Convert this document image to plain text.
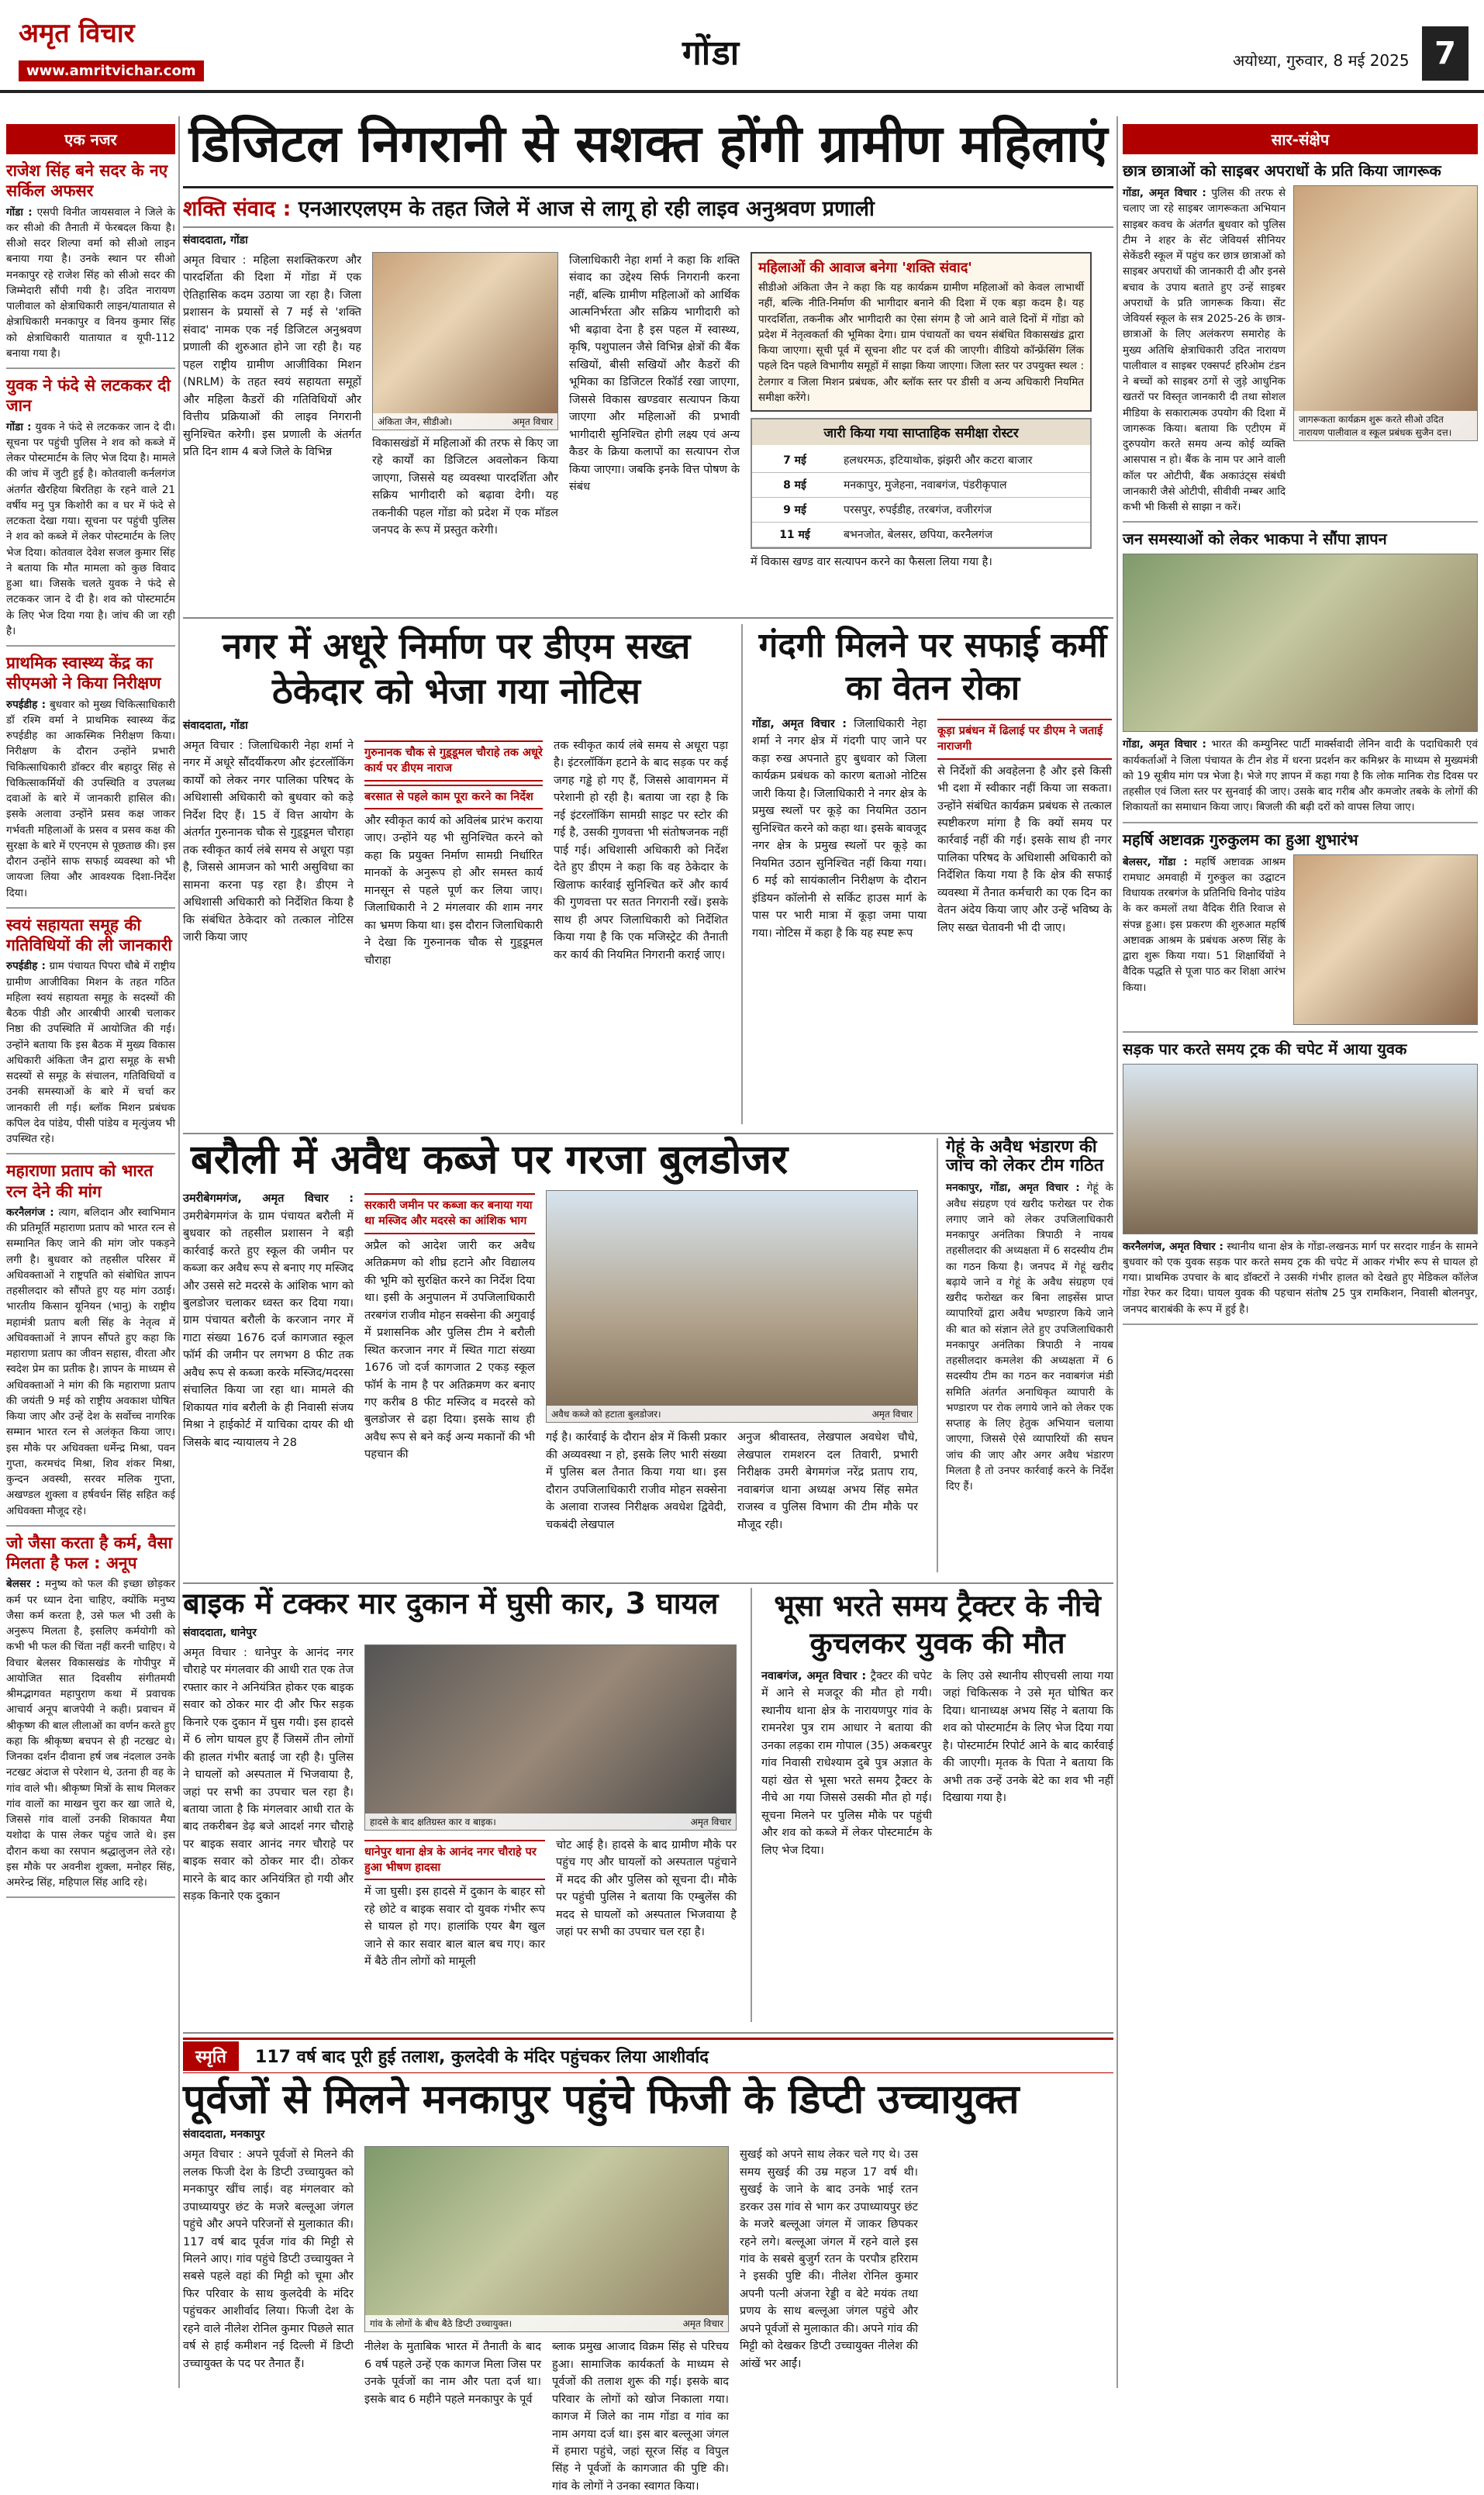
अमृत विचार
www.amritvichar.com	गोंडा	अयोध्या, गुरुवार, 8 मई 2025 7
एक नजर
राजेश सिंह बने सदर के नए सर्किल अफसर

गोंडा : एसपी विनीत जायसवाल ने जिले के कर सीओ की तैनाती में फेरबदल किया है। सीओ सदर शिल्पा वर्मा को सीओ लाइन बनाया गया है। उनके स्थान पर सीओ मनकापुर रहे राजेश सिंह को सीओ सदर की जिम्मेदारी सौंपी गयी है। उदित नारायण पालीवाल को क्षेत्राधिकारी लाइन/यातायात से क्षेत्राधिकारी मनकापुर व विनय कुमार सिंह को क्षेत्राधिकारी यातायात व यूपी-112 बनाया गया है।

युवक ने फंदे से लटककर दी जान

गोंडा : युवक ने फंदे से लटककर जान दे दी। सूचना पर पहुंची पुलिस ने शव को कब्जे में लेकर पोस्टमार्टम के लिए भेज दिया है। मामले की जांच में जुटी हुई है। कोतवाली कर्नलगंज अंतर्गत खैरहिया बिरतिहा के रहने वाले 21 वर्षीय मनु पुत्र किशोरी का व घर में फंदे से लटकता देखा गया। सूचना पर पहुंची पुलिस ने शव को कब्जे में लेकर पोस्टमार्टम के लिए भेज दिया। कोतवाल देवेश सजल कुमार सिंह ने बताया कि मौत मामला को कुछ विवाद हुआ था। जिसके चलते युवक ने फंदे से लटककर जान दे दी है। शव को पोस्टमार्टम के लिए भेज दिया गया है। जांच की जा रही है।

प्राथमिक स्वास्थ्य केंद्र का सीएमओ ने किया निरीक्षण

रुपईडीह : बुधवार को मुख्य चिकित्साधिकारी डॉ रश्मि वर्मा ने प्राथमिक स्वास्थ्य केंद्र रुपईडीह का आकस्मिक निरीक्षण किया। निरीक्षण के दौरान उन्होंने प्रभारी चिकित्साधिकारी डॉक्टर वीर बहादुर सिंह से चिकित्साकर्मियों की उपस्थिति व उपलब्ध दवाओं के बारे में जानकारी हासिल की। इसके अलावा उन्होंने प्रसव कक्ष जाकर गर्भवती महिलाओं के प्रसव व प्रसव कक्ष की सुरक्षा के बारे में एएनएम से पूछताछ की। इस दौरान उन्होंने साफ सफाई व्यवस्था को भी जायजा लिया और आवश्यक दिशा-निर्देश दिया।

स्वयं सहायता समूह की गतिविधियों की ली जानकारी

रुपईडीह : ग्राम पंचायत पिपरा चौबे में राष्ट्रीय ग्रामीण आजीविका मिशन के तहत गठित महिला स्वयं सहायता समूह के सदस्यों की बैठक पीडी और आरबीपी आरबी चलाकर निष्ठा की उपस्थिति में आयोजित की गई। उन्होंने बताया कि इस बैठक में मुख्य विकास अधिकारी अंकिता जैन द्वारा समूह के सभी सदस्यों से समूह के संचालन, गतिविधियों व उनकी समस्याओं के बारे में चर्चा कर जानकारी ली गई। ब्लॉक मिशन प्रबंधक कपिल देव पांडेय, पीसी पांडेय व मृत्युंजय भी उपस्थित रहे।

महाराणा प्रताप को भारत रत्न देने की मांग

करनैलगंज : त्याग, बलिदान और स्वाभिमान की प्रतिमूर्ति महाराणा प्रताप को भारत रत्न से सम्मानित किए जाने की मांग जोर पकड़ने लगी है। बुधवार को तहसील परिसर में अधिवक्ताओं ने राष्ट्रपति को संबोधित ज्ञापन तहसीलदार को सौंपते हुए यह मांग उठाई। भारतीय किसान यूनियन (भानु) के राष्ट्रीय महामंत्री प्रताप बली सिंह के नेतृत्व में अधिवक्ताओं ने ज्ञापन सौंपते हुए कहा कि महाराणा प्रताप का जीवन सहास, वीरता और स्वदेश प्रेम का प्रतीक है। ज्ञापन के माध्यम से अधिवक्ताओं ने मांग की कि महाराणा प्रताप की जयंती 9 मई को राष्ट्रीय अवकाश घोषित किया जाए और उन्हें देश के सर्वोच्च नागरिक सम्मान भारत रत्न से अलंकृत किया जाए। इस मौके पर अधिवक्ता धर्मेन्द्र मिश्रा, पवन गुप्ता, करमचंद मिश्रा, शिव शंकर मिश्रा, कुन्दन अवस्थी, सरवर मलिक गुप्ता, अखण्डल शुक्ला व हर्षवर्धन सिंह सहित कई अधिवक्ता मौजूद रहे।

जो जैसा करता है कर्म, वैसा मिलता है फल : अनूप

बेलसर : मनुष्य को फल की इच्छा छोड़कर कर्म पर ध्यान देना चाहिए, क्योंकि मनुष्य जैसा कर्म करता है, उसे फल भी उसी के अनुरूप मिलता है, इसलिए कर्मयोगी को कभी भी फल की चिंता नहीं करनी चाहिए। ये विचार बेलसर विकासखंड के गोपीपुर में आयोजित सात दिवसीय संगीतमयी श्रीमद्भागवत महापुराण कथा में प्रवाचक आचार्य अनूप बाजपेयी ने कही। प्रवाचन में श्रीकृष्ण की बाल लीलाओं का वर्णन करते हुए कहा कि श्रीकृष्ण बचपन से ही नटखट थे। जिनका दर्शन दीवाना हर्ष जब नंदलाल उनके नटखट अंदाज से परेशान थे, उतना ही वह के गांव वाले भी। श्रीकृष्ण मित्रों के साथ मिलकर गांव वालों का माखन चुरा कर खा जाते थे, जिससे गांव वालों उनकी शिकायत मैया यशोदा के पास लेकर पहुंच जाते थे। इस दौरान कथा का रसपान श्रद्धालुजन लेते रहे। इस मौके पर अवनीश शुक्ला, मनोहर सिंह, अमरेन्द्र सिंह, महिपाल सिंह आदि रहे।

डिजिटल निगरानी से सशक्त होंगी ग्रामीण महिलाएं
शक्ति संवाद : एनआरएलएम के तहत जिले में आज से लागू हो रही लाइव अनुश्रवण प्रणाली
संवाददाता, गोंडा

अमृत विचार : महिला सशक्तिकरण और पारदर्शिता की दिशा में गोंडा में एक ऐतिहासिक कदम उठाया जा रहा है। जिला प्रशासन के प्रयासों से 7 मई से 'शक्ति संवाद' नामक एक नई डिजिटल अनुश्रवण प्रणाली की शुरुआत होने जा रही है। यह पहल राष्ट्रीय ग्रामीण आजीविका मिशन (NRLM) के तहत स्वयं सहायता समूहों और महिला कैडरों की गतिविधियों और वित्तीय प्रक्रियाओं की लाइव निगरानी सुनिश्चित करेगी। इस प्रणाली के अंतर्गत प्रति दिन शाम 4 बजे जिले के विभिन्न

अंकिता जैन, सीडीओ।	अमृत विचार

विकासखंडों में महिलाओं की तरफ से किए जा रहे कार्यों का डिजिटल अवलोकन किया जाएगा, जिससे यह व्यवस्था पारदर्शिता और सक्रिय भागीदारी को बढ़ावा देगी। यह तकनीकी पहल गोंडा को प्रदेश में एक मॉडल जनपद के रूप में प्रस्तुत करेगी।

जिलाधिकारी नेहा शर्मा ने कहा कि शक्ति संवाद का उद्देश्य सिर्फ निगरानी करना नहीं, बल्कि ग्रामीण महिलाओं को आर्थिक आत्मनिर्भरता और सक्रिय भागीदारी को भी बढ़ावा देना है इस पहल में स्वास्थ्य, कृषि, पशुपालन जैसे विभिन्न क्षेत्रों की बैंक सखियों, बीसी सखियों और कैडरों की भूमिका का डिजिटल रिकॉर्ड रखा जाएगा, जिससे विकास खण्डवार सत्यापन किया जाएगा और महिलाओं की प्रभावी भागीदारी सुनिश्चित होगी लक्ष्य एवं अन्य कैडर के क्रिया कलापों का सत्यापन रोज किया जाएगा। जबकि इनके वित्त पोषण के संबंध

महिलाओं की आवाज बनेगा 'शक्ति संवाद'

सीडीओ अंकिता जैन ने कहा कि यह कार्यक्रम ग्रामीण महिलाओं को केवल लाभार्थी नहीं, बल्कि नीति-निर्माण की भागीदार बनाने की दिशा में एक बड़ा कदम है। यह पारदर्शिता, तकनीक और भागीदारी का ऐसा संगम है जो आने वाले दिनों में गोंडा को प्रदेश में नेतृत्वकर्ता की भूमिका देगा। ग्राम पंचायतों का चयन संबंधित विकासखंड द्वारा किया जाएगा। सूची पूर्व में सूचना शीट पर दर्ज की जाएगी। वीडियो कॉन्फ्रेंसिंग लिंक पहले दिन पहले विभागीय समूहों में साझा किया जाएगा। जिला स्तर पर उपयुक्त स्थल : टेलगार व जिला मिशन प्रबंधक, और ब्लॉक स्तर पर डीसी व अन्य अधिकारी नियमित समीक्षा करेंगे।

जारी किया गया साप्ताहिक समीक्षा रोस्टर
7 मई	हलधरमऊ, इटियाथोक, झंझरी और कटरा बाजार
8 मई	मनकापुर, मुजेहना, नवाबगंज, पंडरीकृपाल
9 मई	परसपुर, रुपईडीह, तरबगंज, वजीरगंज
11 मई	बभनजोत, बेलसर, छपिया, करनैलगंज

में विकास खण्ड वार सत्यापन करने का फैसला लिया गया है।

नगर में अधूरे निर्माण पर डीएम सख्त ठेकेदार को भेजा गया नोटिस
संवाददाता, गोंडा

अमृत विचार : जिलाधिकारी नेहा शर्मा ने नगर में अधूरे सौंदर्यीकरण और इंटरलॉकिंग कार्यों को लेकर नगर पालिका परिषद के अधिशासी अधिकारी को बुधवार को कड़े निर्देश दिए हैं। 15 वें वित्त आयोग के अंतर्गत गुरुनानक चौक से गुड़्डूमल चौराहा तक स्वीकृत कार्य लंबे समय से अधूरा पड़ा है, जिससे आमजन को भारी असुविधा का सामना करना पड़ रहा है। डीएम ने अधिशासी अधिकारी को निर्देशित किया है कि संबंधित ठेकेदार को तत्काल नोटिस जारी किया जाए

गुरुनानक चौक से गुड़्डूमल चौराहे तक अधूरे कार्य पर डीएम नाराज
बरसात से पहले काम पूरा करने का निर्देश

और स्वीकृत कार्य को अविलंब प्रारंभ कराया जाए। उन्होंने यह भी सुनिश्चित करने को कहा कि प्रयुक्त निर्माण सामग्री निर्धारित मानकों के अनुरूप हो और समस्त कार्य मानसून से पहले पूर्ण कर लिया जाए। जिलाधिकारी ने 2 मंगलवार की शाम नगर का भ्रमण किया था। इस दौरान जिलाधिकारी ने देखा कि गुरुनानक चौक से गुड़्डूमल चौराहा

तक स्वीकृत कार्य लंबे समय से अधूरा पड़ा है। इंटरलॉकिंग हटाने के बाद सड़क पर कई जगह गड्ढे हो गए हैं, जिससे आवागमन में परेशानी हो रही है। बताया जा रहा है कि नई इंटरलॉकिंग सामग्री साइट पर स्टोर की गई है, उसकी गुणवत्ता भी संतोषजनक नहीं पाई गई। अधिशासी अधिकारी को निर्देश देते हुए डीएम ने कहा कि वह ठेकेदार के खिलाफ कार्रवाई सुनिश्चित करें और कार्य की गुणवत्ता पर सतत निगरानी रखें। इसके साथ ही अपर जिलाधिकारी को निर्देशित किया गया है कि एक मजिस्ट्रेट की तैनाती कर कार्य की नियमित निगरानी कराई जाए।

गंदगी मिलने पर सफाई कर्मी का वेतन रोका

गोंडा, अमृत विचार : जिलाधिकारी नेहा शर्मा ने नगर क्षेत्र में गंदगी पाए जाने पर कड़ा रुख अपनाते हुए बुधवार को जिला कार्यक्रम प्रबंधक को कारण बताओ नोटिस जारी किया है। जिलाधिकारी ने नगर क्षेत्र के प्रमुख स्थलों पर कूड़े का नियमित उठान सुनिश्चित करने को कहा था। इसके बावजूद नगर क्षेत्र के प्रमुख स्थलों पर कूड़े का नियमित उठान सुनिश्चित नहीं किया गया। 6 मई को सायंकालीन निरीक्षण के दौरान इंडियन कॉलोनी से सर्किट हाउस मार्ग के पास पर भारी मात्रा में कूड़ा जमा पाया गया। नोटिस में कहा है कि यह स्पष्ट रूप

कूड़ा प्रबंधन में ढिलाई पर डीएम ने जताई नाराजगी

से निर्देशों की अवहेलना है और इसे किसी भी दशा में स्वीकार नहीं किया जा सकता। उन्होंने संबंधित कार्यक्रम प्रबंधक से तत्काल स्पष्टीकरण मांगा है कि क्यों समय पर कार्रवाई नहीं की गई। इसके साथ ही नगर पालिका परिषद के अधिशासी अधिकारी को निर्देशित किया गया है कि क्षेत्र की सफाई व्यवस्था में तैनात कर्मचारी का एक दिन का वेतन अंदेय किया जाए और उन्हें भविष्य के लिए सख्त चेतावनी भी दी जाए।

बरौली में अवैध कब्जे पर गरजा बुलडोजर

उमरीबेगमगंज, अमृत विचार : उमरीबेगमगंज के ग्राम पंचायत बरौली में बुधवार को तहसील प्रशासन ने बड़ी कार्रवाई करते हुए स्कूल की जमीन पर कब्जा कर अवैध रूप से बनाए गए मस्जिद और उससे सटे मदरसे के आंशिक भाग को बुलडोजर चलाकर ध्वस्त कर दिया गया। ग्राम पंचायत बरौली के करजान नगर में गाटा संख्या 1676 दर्ज कागजात स्कूल फॉर्म की जमीन पर लगभग 8 फीट तक अवैध रूप से कब्जा करके मस्जिद/मदरसा संचालित किया जा रहा था। मामले की शिकायत गांव बरौली के ही निवासी संजय मिश्रा ने हाईकोर्ट में याचिका दायर की थी जिसके बाद न्यायालय ने 28

सरकारी जमीन पर कब्जा कर बनाया गया था मस्जिद और मदरसे का आंशिक भाग

अप्रैल को आदेश जारी कर अवैध अतिक्रमण को शीघ्र हटाने और विद्यालय की भूमि को सुरक्षित करने का निर्देश दिया था। इसी के अनुपालन में उपजिलाधिकारी तरबगंज राजीव मोहन सक्सेना की अगुवाई में प्रशासनिक और पुलिस टीम ने बरौली स्थित करजान नगर में स्थित गाटा संख्या 1676 जो दर्ज कागजात 2 एकड़ स्कूल फॉर्म के नाम है पर अतिक्रमण कर बनाए गए करीब 8 फीट मस्जिद व मदरसे को बुलडोजर से ढहा दिया। इसके साथ ही अवैध रूप से बने कई अन्य मकानों की भी पहचान की

अवैध कब्जे को हटाता बुलडोजर।	अमृत विचार

गई है। कार्रवाई के दौरान क्षेत्र में किसी प्रकार की अव्यवस्था न हो, इसके लिए भारी संख्या में पुलिस बल तैनात किया गया था। इस दौरान उपजिलाधिकारी राजीव मोहन सक्सेना के अलावा राजस्व निरीक्षक अवधेश द्विवेदी, चकबंदी लेखपाल

अनुज श्रीवास्तव, लेखपाल अवधेश चौधे, लेखपाल रामशरन दल तिवारी, प्रभारी निरीक्षक उमरी बेगमगंज नरेंद्र प्रताप राय, नवाबगंज थाना अध्यक्ष अभय सिंह समेत राजस्व व पुलिस विभाग की टीम मौके पर मौजूद रही।

गेहूं के अवैध भंडारण की जांच को लेकर टीम गठित

मनकापुर, गोंडा, अमृत विचार : गेहूं के अवैध संग्रहण एवं खरीद फरोख्त पर रोक लगाए जाने को लेकर उपजिलाधिकारी मनकापुर अनंतिका त्रिपाठी ने नायब तहसीलदार की अध्यक्षता में 6 सदस्यीय टीम का गठन किया है। जनपद में गेहूं खरीद बढ़ाये जाने व गेहूं के अवैध संग्रहण एवं खरीद फरोख्त कर बिना लाइसेंस प्राप्त व्यापारियों द्वारा अवैध भण्डारण किये जाने की बात को संज्ञान लेते हुए उपजिलाधिकारी मनकापुर अनंतिका त्रिपाठी ने नायब तहसीलदार कमलेश की अध्यक्षता में 6 सदस्यीय टीम का गठन कर नवाबगंज मंडी समिति अंतर्गत अनाधिकृत व्यापारी के भण्डारण पर रोक लगाये जाने को लेकर एक सप्ताह के लिए हेतुक अभियान चलाया जाएगा, जिससे ऐसे व्यापारियों की सघन जांच की जाए और अगर अवैध भंडारण मिलता है तो उनपर कार्रवाई करने के निर्देश दिए हैं।

बाइक में टक्कर मार दुकान में घुसी कार, 3 घायल
संवाददाता, धानेपुर

अमृत विचार : धानेपुर के आनंद नगर चौराहे पर मंगलवार की आधी रात एक तेज रफ्तार कार ने अनियंत्रित होकर एक बाइक सवार को ठोकर मार दी और फिर सड़क किनारे एक दुकान में घुस गयी। इस हादसे में 6 लोग घायल हुए हैं जिसमें तीन लोगों की हालत गंभीर बताई जा रही है। पुलिस ने घायलों को अस्पताल में भिजवाया है, जहां पर सभी का उपचार चल रहा है। बताया जाता है कि मंगलवार आधी रात के बाद तकरीबन डेढ़ बजे आदर्श नगर चौराहे पर बाइक सवार आनंद नगर चौराहे पर बाइक सवार को ठोकर मार दी। ठोकर मारने के बाद कार अनियंत्रित हो गयी और सड़क किनारे एक दुकान

हादसे के बाद क्षतिग्रस्त कार व बाइक।	अमृत विचार
धानेपुर थाना क्षेत्र के आनंद नगर चौराहे पर हुआ भीषण हादसा

में जा घुसी। इस हादसे में दुकान के बाहर सो रहे छोटे व बाइक सवार दो युवक गंभीर रूप से घायल हो गए। हालांकि एयर बैग खुल जाने से कार सवार बाल बाल बच गए। कार में बैठे तीन लोगों को मामूली

चोट आई है। हादसे के बाद ग्रामीण मौके पर पहुंच गए और घायलों को अस्पताल पहुंचाने में मदद की और पुलिस को सूचना दी। मौके पर पहुंची पुलिस ने बताया कि एम्बुलेंस की मदद से घायलों को अस्पताल भिजवाया है जहां पर सभी का उपचार चल रहा है।

भूसा भरते समय ट्रैक्टर के नीचे कुचलकर युवक की मौत

नवाबगंज, अमृत विचार : ट्रैक्टर की चपेट में आने से मजदूर की मौत हो गयी। स्थानीय थाना क्षेत्र के नारायणपुर गांव के रामनरेश पुत्र राम आधार ने बताया की उनका लड़का राम गोपाल (35) अकबरपुर गांव निवासी राधेश्याम दुबे पुत्र अज्ञात के यहां खेत से भूसा भरते समय ट्रैक्टर के नीचे आ गया जिससे उसकी मौत हो गई। सूचना मिलने पर पुलिस मौके पर पहुंची और शव को कब्जे में लेकर पोस्टमार्टम के लिए भेज दिया।

के लिए उसे स्थानीय सीएचसी लाया गया जहां चिकित्सक ने उसे मृत घोषित कर दिया। थानाध्यक्ष अभय सिंह ने बताया कि शव को पोस्टमार्टम के लिए भेज दिया गया है। पोस्टमार्टम रिपोर्ट आने के बाद कार्रवाई की जाएगी। मृतक के पिता ने बताया कि अभी तक उन्हें उनके बेटे का शव भी नहीं दिखाया गया है।

स्मृति 117 वर्ष बाद पूरी हुई तलाश, कुलदेवी के मंदिर पहुंचकर लिया आशीर्वाद
पूर्वजों से मिलने मनकापुर पहुंचे फिजी के डिप्टी उच्चायुक्त
संवाददाता, मनकापुर

अमृत विचार : अपने पूर्वजों से मिलने की ललक फिजी देश के डिप्टी उच्चायुक्त को मनकापुर खींच लाई। वह मंगलवार को उपाध्यायपुर छंट के मजरे बल्लूआ जंगल पहुंचे और अपने परिजनों से मुलाकात की। 117 वर्ष बाद पूर्वज गांव की मिट्टी से मिलने आए। गांव पहुंचे डिप्टी उच्चायुक्त ने सबसे पहले वहां की मिट्टी को चूमा और फिर परिवार के साथ कुलदेवी के मंदिर पहुंचकर आशीर्वाद लिया। फिजी देश के रहने वाले नीलेश रोनिल कुमार पिछले सात वर्ष से हाई कमीशन नई दिल्ली में डिप्टी उच्चायुक्त के पद पर तैनात हैं।

गांव के लोगों के बीच बैठे डिप्टी उच्चायुक्त।	अमृत विचार

नीलेश के मुताबिक भारत में तैनाती के बाद 6 वर्ष पहले उन्हें एक कागज मिला जिस पर उनके पूर्वजों का नाम और पता दर्ज था। इसके बाद 6 महीने पहले मनकापुर के पूर्व

ब्लाक प्रमुख आजाद विक्रम सिंह से परिचय हुआ। सामाजिक कार्यकर्ता के माध्यम से पूर्वजों की तलाश शुरू की गई। इसके बाद परिवार के लोगों को खोज निकाला गया। कागज में जिले का नाम गोंडा व गांव का नाम अगया दर्ज था। इस बार बल्लूआ जंगल में हमारा पहुंचे, जहां सूरज सिंह व विपुल सिंह ने पूर्वजों के कागजात की पुष्टि की। गांव के लोगों ने उनका स्वागत किया।

सुखई को अपने साथ लेकर चले गए थे। उस समय सुखई की उम्र महज 17 वर्ष थी। सुखई के जाने के बाद उनके भाई रतन डरकर उस गांव से भाग कर उपाध्यायपुर छंट के मजरे बल्लूआ जंगल में जाकर छिपकर रहने लगे। बल्लूआ जंगल में रहने वाले इस गांव के सबसे बुजुर्ग रतन के परपौत्र हरिराम ने इसकी पुष्टि की। नीलेश रोनिल कुमार अपनी पत्नी अंजना रेड्डी व बेटे मयंक तथा प्रणय के साथ बल्लूआ जंगल पहुंचे और अपने पूर्वजों से मुलाकात की। अपने गांव की मिट्टी को देखकर डिप्टी उच्चायुक्त नीलेश की आंखें भर आईं।

सार-संक्षेप
छात्र छात्राओं को साइबर अपराधों के प्रति किया जागरूक

गोंडा, अमृत विचार : पुलिस की तरफ से चलाए जा रहे साइबर जागरूकता अभियान साइबर कवच के अंतर्गत बुधवार को पुलिस टीम ने शहर के सेंट जेवियर्स सीनियर सेकेंडरी स्कूल में पहुंच कर छात्र छात्राओं को साइबर अपराधों की जानकारी दी और इनसे बचाव के उपाय बताते हुए उन्हें साइबर अपराधों के प्रति जागरूक किया। सेंट जेवियर्स स्कूल के सत्र 2025-26 के छात्र-छात्राओं के लिए अलंकरण समारोह के मुख्य अतिथि क्षेत्राधिकारी उदित नारायण पालीवाल व साइबर एक्सपर्ट हरिओम टंडन ने बच्चों को साइबर ठगों से जुड़े आधुनिक खतरों पर विस्तृत जानकारी दी तथा सोशल मीडिया के सकारात्मक उपयोग की दिशा में जागरूक किया। बताया कि एटीएम में दुरुपयोग करते समय अन्य कोई व्यक्ति आसपास न हो। बैंक के नाम पर आने वाली कॉल पर ओटीपी, बैंक अकाउंट्स संबंधी जानकारी जैसे ओटीपी, सीवीवी नम्बर आदि कभी भी किसी से साझा न करें।

जागरूकता कार्यक्रम शुरू करते सीओ उदित नारायण पालीवाल व स्कूल प्रबंधक सुजैन दत्त।
जन समस्याओं को लेकर भाकपा ने सौंपा ज्ञापन

गोंडा, अमृत विचार : भारत की कम्युनिस्ट पार्टी मार्क्सवादी लेनिन वादी के पदाधिकारी एवं कार्यकर्ताओं ने जिला पंचायत के टीन शेड में धरना प्रदर्शन कर कमिश्नर के माध्यम से मुख्यमंत्री को 19 सूत्रीय मांग पत्र भेजा है। भेजे गए ज्ञापन में कहा गया है कि लोक मानिक रोड दिवस पर तहसील एवं जिला स्तर पर सुनवाई की जाए। उसके बाद गरीब और कमजोर तबके के लोगों की शिकायतों का समाधान किया जाए। बिजली की बढ़ी दरों को वापस लिया जाए।

महर्षि अष्टावक्र गुरुकुलम का हुआ शुभारंभ

बेलसर, गोंडा : महर्षि अष्टावक्र आश्रम रामघाट अमवाही में गुरुकुल का उद्घाटन विधायक तरबगंज के प्रतिनिधि विनोद पांडेय के कर कमलों तथा वैदिक रीति रिवाज से संपन्न हुआ। इस प्रकरण की शुरुआत महर्षि अष्टावक्र आश्रम के प्रबंधक अरुण सिंह के द्वारा शुरू किया गया। 51 शिक्षार्थियों ने वैदिक पद्धति से पूजा पाठ कर शिक्षा आरंभ किया।

सड़क पार करते समय ट्रक की चपेट में आया युवक

करनैलगंज, अमृत विचार : स्थानीय थाना क्षेत्र के गोंडा-लखनऊ मार्ग पर सरदार गार्डन के सामने बुधवार को एक युवक सड़क पार करते समय ट्रक की चपेट में आकर गंभीर रूप से घायल हो गया। प्राथमिक उपचार के बाद डॉक्टरों ने उसकी गंभीर हालत को देखते हुए मेडिकल कॉलेज गोंडा रेफर कर दिया। घायल युवक की पहचान संतोष 25 पुत्र रामकिशन, निवासी बोलनपुर, जनपद बाराबंकी के रूप में हुई है।
